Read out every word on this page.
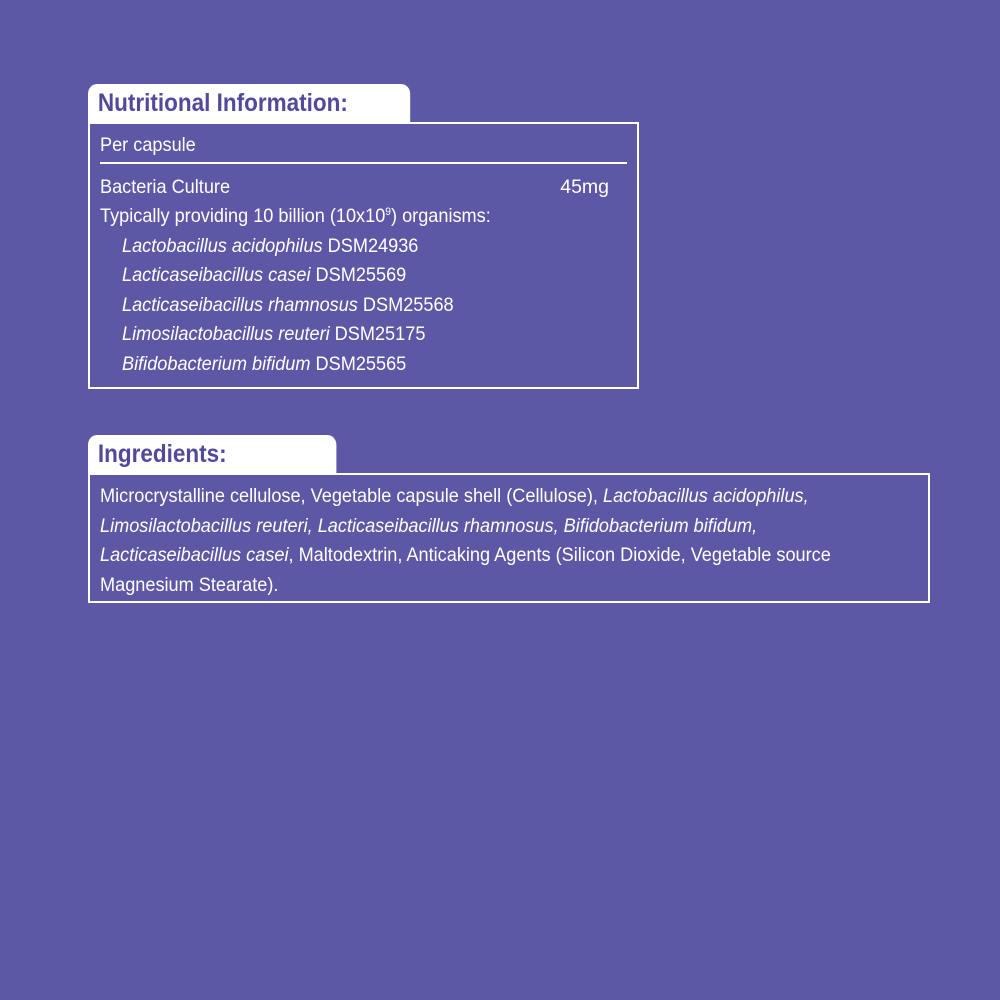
Nutritional Information:
Per capsule
Bacteria Culture	45mg
Typically providing 10 billion $(10x10^9)$ organisms:
Lactobacillus acidophilus DSM24936
Lacticaseibacillus casei DSM25569
Lacticaseibacillus rhamnosus DSM25568
Limosilactobacillus reuteri DSM25175
Bifidobacterium bifidum DSM25565
Ingredients:
Microcrystalline cellulose, Vegetable capsule shell (Cellulose), Lactobacillus acidophilus,
Limosilactobacillus reuteri, Lacticaseibacillus rhamnosus, Bifidobacterium bifidum,
Lacticaseibacillus casei, Maltodextrin, Anticaking Agents (Silicon Dioxide, Vegetable source
Magnesium Stearate).
